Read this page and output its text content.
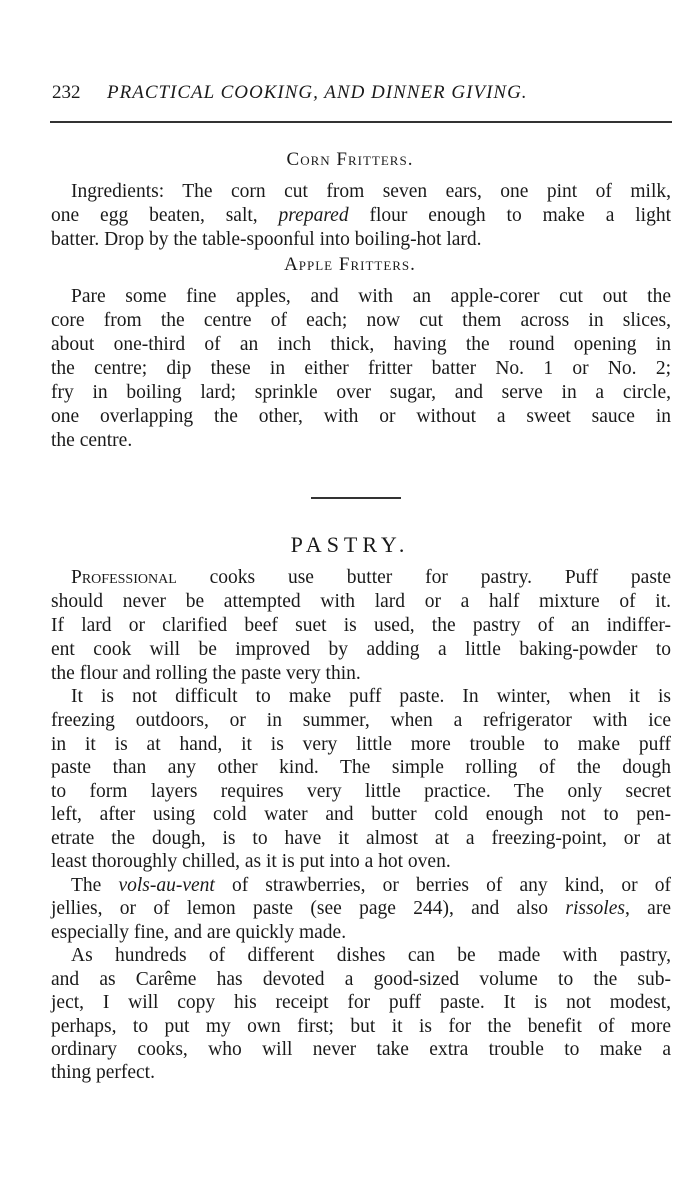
232 PRACTICAL COOKING, AND DINNER GIVING.
Corn Fritters.
Ingredients: The corn cut from seven ears, one pint of milk,
one egg beaten, salt, prepared flour enough to make a light
batter. Drop by the table-spoonful into boiling-hot lard.
Apple Fritters.
Pare some fine apples, and with an apple-corer cut out the
core from the centre of each; now cut them across in slices,
about one-third of an inch thick, having the round opening in
the centre; dip these in either fritter batter No. 1 or No. 2;
fry in boiling lard; sprinkle over sugar, and serve in a circle,
one overlapping the other, with or without a sweet sauce in
the centre.
PASTRY.
Professional cooks use butter for pastry. Puff paste
should never be attempted with lard or a half mixture of it.
If lard or clarified beef suet is used, the pastry of an indiffer-
ent cook will be improved by adding a little baking-powder to
the flour and rolling the paste very thin.
It is not difficult to make puff paste. In winter, when it is
freezing outdoors, or in summer, when a refrigerator with ice
in it is at hand, it is very little more trouble to make puff
paste than any other kind. The simple rolling of the dough
to form layers requires very little practice. The only secret
left, after using cold water and butter cold enough not to pen-
etrate the dough, is to have it almost at a freezing-point, or at
least thoroughly chilled, as it is put into a hot oven.
The vols-au-vent of strawberries, or berries of any kind, or of
jellies, or of lemon paste (see page 244), and also rissoles, are
especially fine, and are quickly made.
As hundreds of different dishes can be made with pastry,
and as Carême has devoted a good-sized volume to the sub-
ject, I will copy his receipt for puff paste. It is not modest,
perhaps, to put my own first; but it is for the benefit of more
ordinary cooks, who will never take extra trouble to make a
thing perfect.
